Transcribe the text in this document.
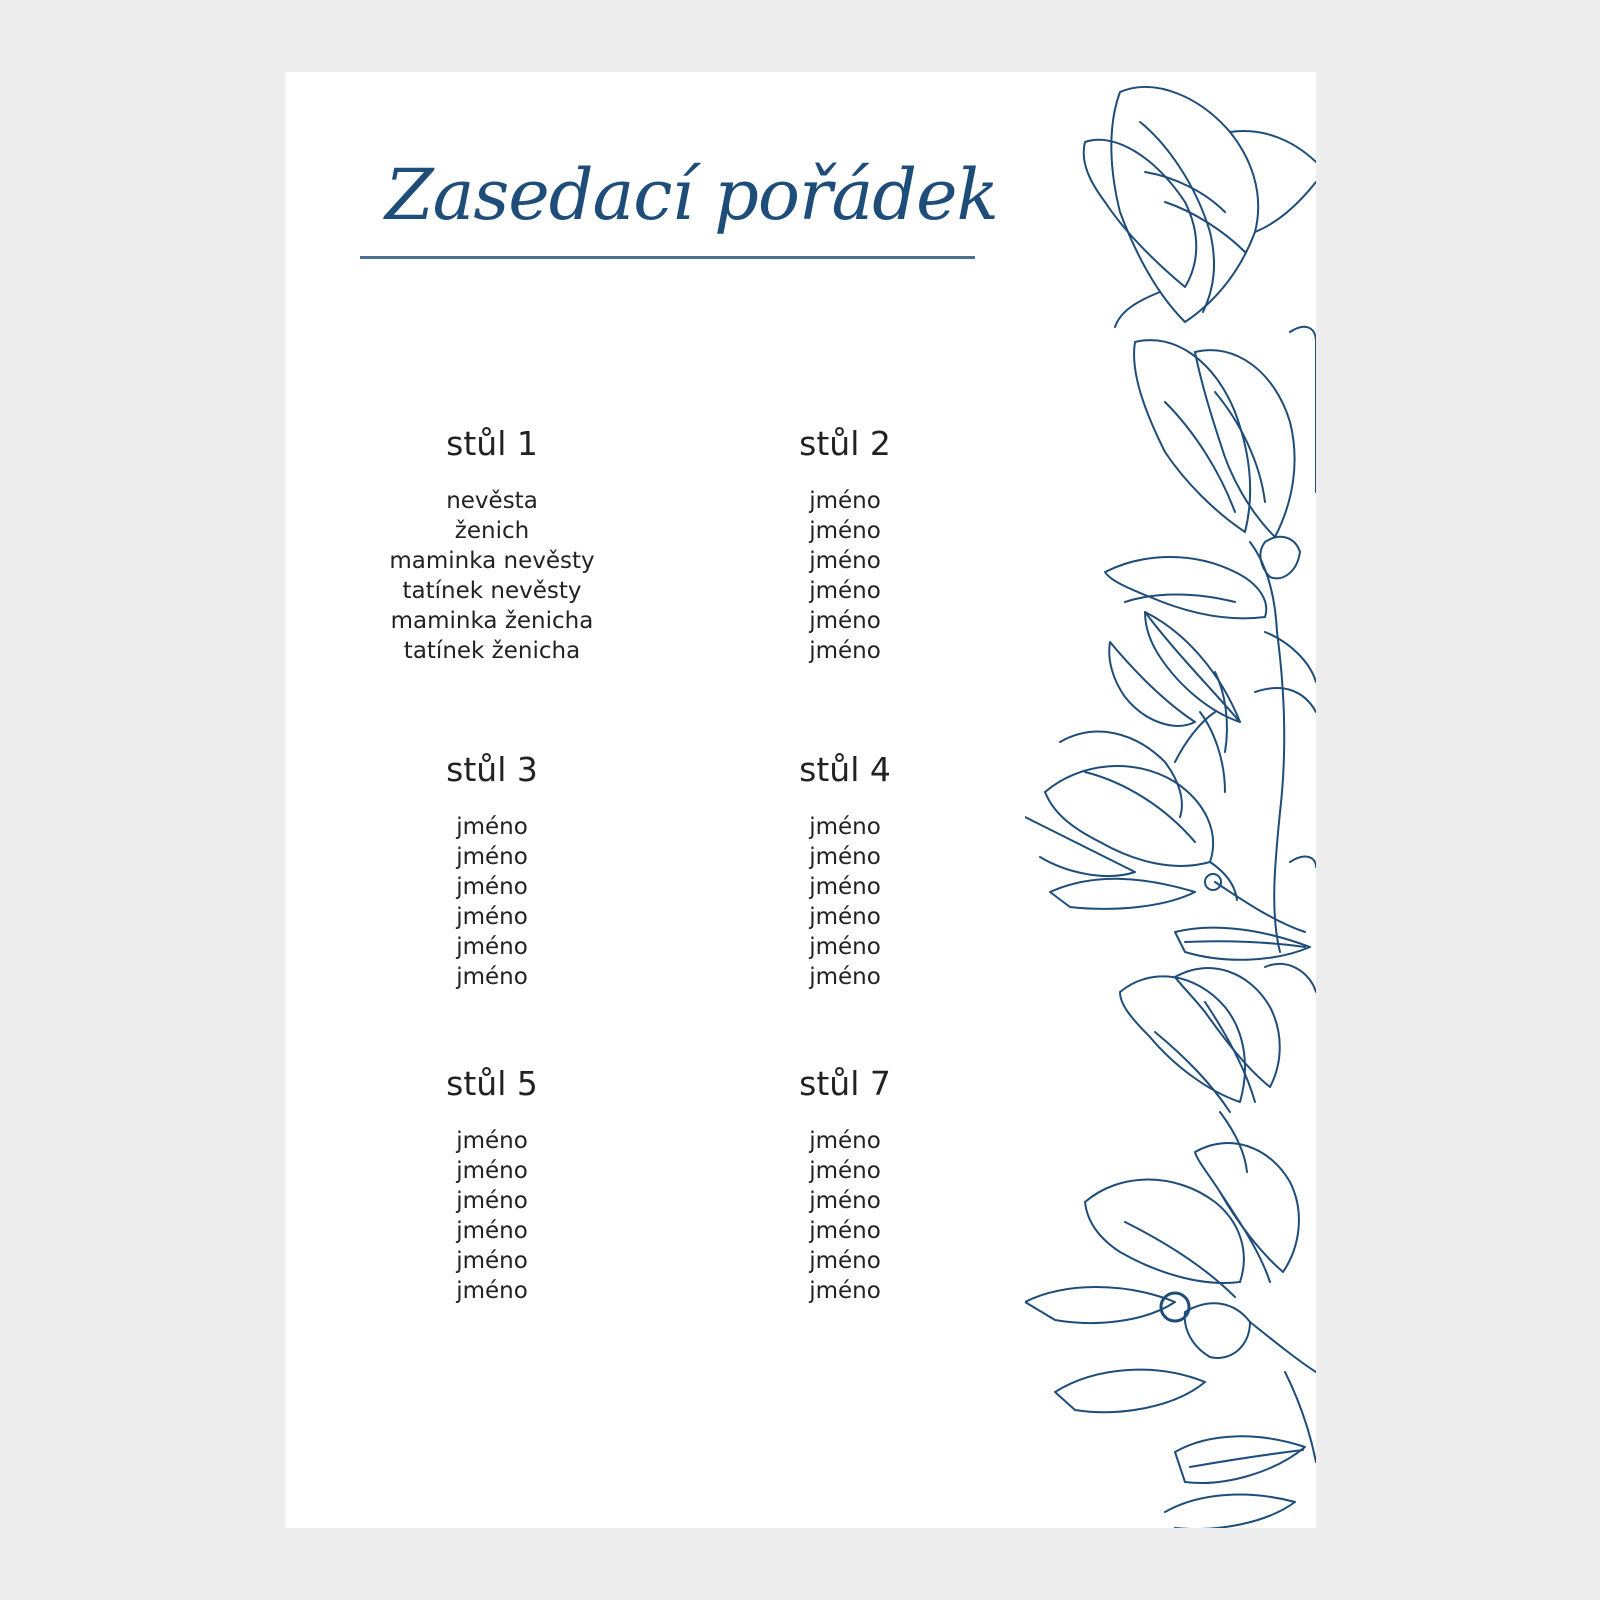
Zasedací pořádek
stůl 1
nevěsta
ženich
maminka nevěsty
tatínek nevěsty
maminka ženicha
tatínek ženicha
stůl 2
jméno
jméno
jméno
jméno
jméno
jméno
stůl 3
jméno
jméno
jméno
jméno
jméno
jméno
stůl 4
jméno
jméno
jméno
jméno
jméno
jméno
stůl 5
jméno
jméno
jméno
jméno
jméno
jméno
stůl 7
jméno
jméno
jméno
jméno
jméno
jméno
